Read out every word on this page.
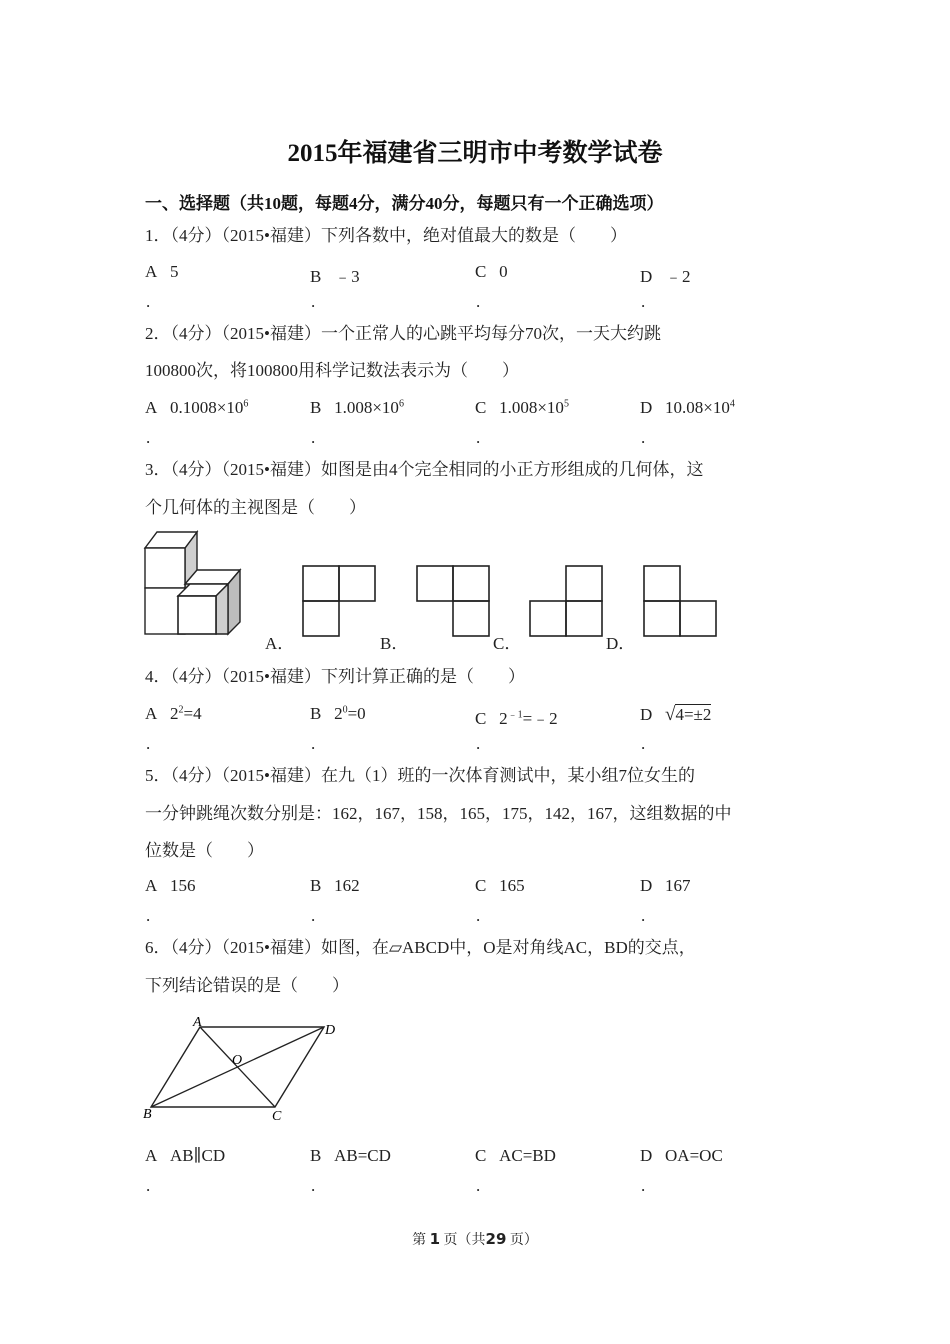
2015年福建省三明市中考数学试卷
一、选择题（共10题，每题4分，满分40分，每题只有一个正确选项）
1．（4分）（2015•福建）下列各数中，绝对值最大的数是（　　）
A 5	B ﹣3	C 0	D ﹣2
.	.	.	.
2．（4分）（2015•福建）一个正常人的心跳平均每分70次，一天大约跳
100800次，将100800用科学记数法表示为（　　）
A $0.1008\times 10^6$	B $1.008\times 10^6$	C $1.008\times 10^5$	D $10.08\times 10^4$
.	.	.	.
3．（4分）（2015•福建）如图是由4个完全相同的小正方形组成的几何体，这
个几何体的主视图是（　　）
A．	B．	C．	D．
4．（4分）（2015•福建）下列计算正确的是（　　）
A $2^2=4$	B $2^0=0$	C $2^{﹣1}=﹣2$	D √4=±2
.	.	.	.
5．（4分）（2015•福建）在九（1）班的一次体育测试中，某小组7位女生的
一分钟跳绳次数分别是：162，167，158，165，175，142，167，这组数据的中
位数是（　　）
A 156	B 162	C 165	D 167
.	.	.	.
6．（4分）（2015•福建）如图，在▱ABCD中，O是对角线AC，BD的交点，
下列结论错误的是（　　）
A
D
O
B	C
A AB∥CD	B AB=CD	C AC=BD	D OA=OC
.	.	.	.
第 1 页（共29 页）
